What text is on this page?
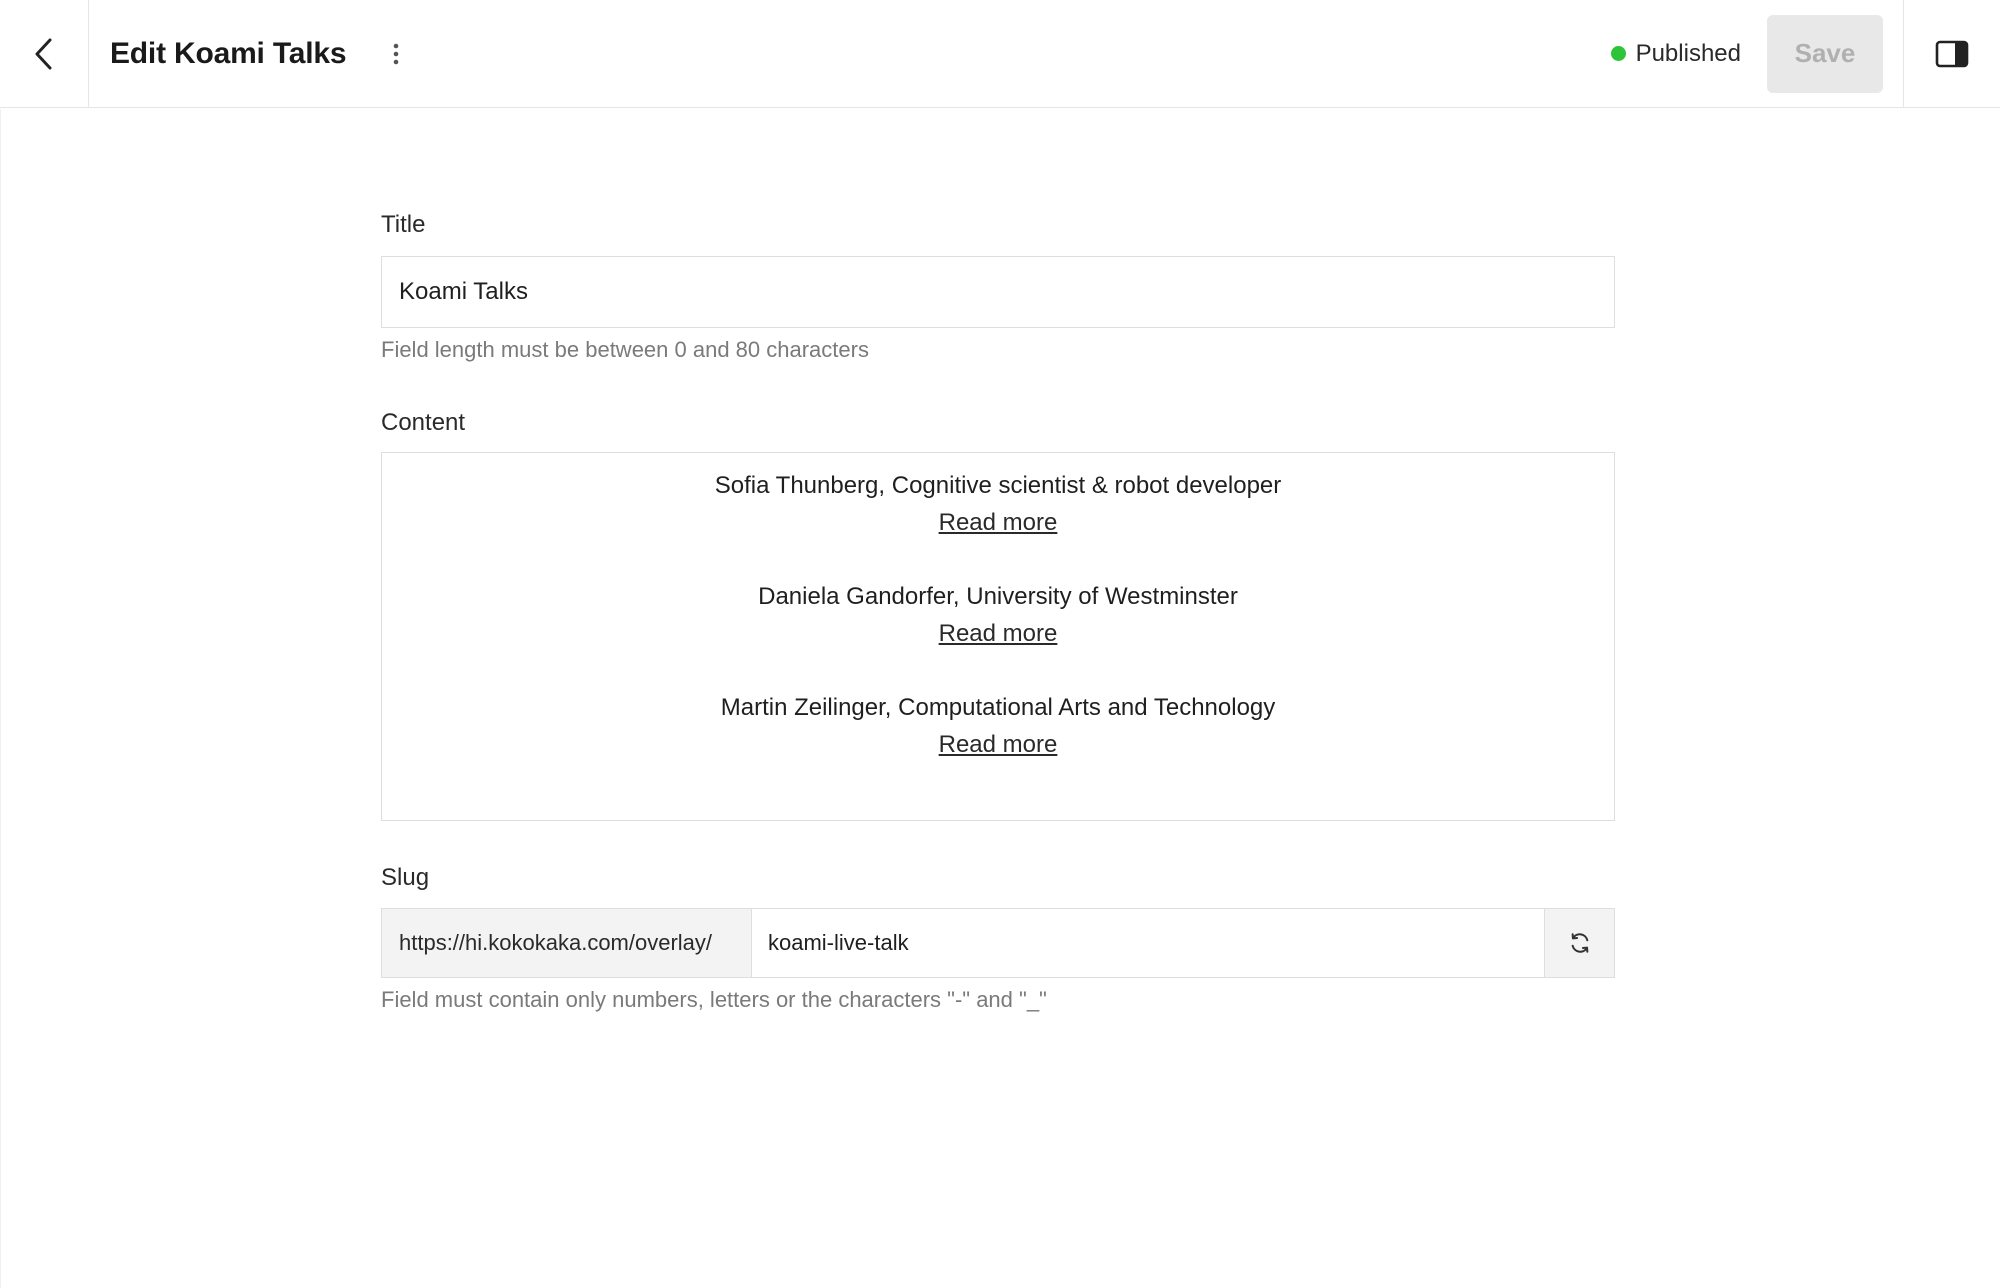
Edit Koami Talks	Published	Save
Title
Koami Talks
Field length must be between 0 and 80 characters
Content
Sofia Thunberg, Cognitive scientist & robot developer
Read more
Daniela Gandorfer, University of Westminster
Read more
Martin Zeilinger, Computational Arts and Technology
Read more
Slug
https://hi.kokokaka.com/overlay/
koami-live-talk
Field must contain only numbers, letters or the characters "-" and "_"
